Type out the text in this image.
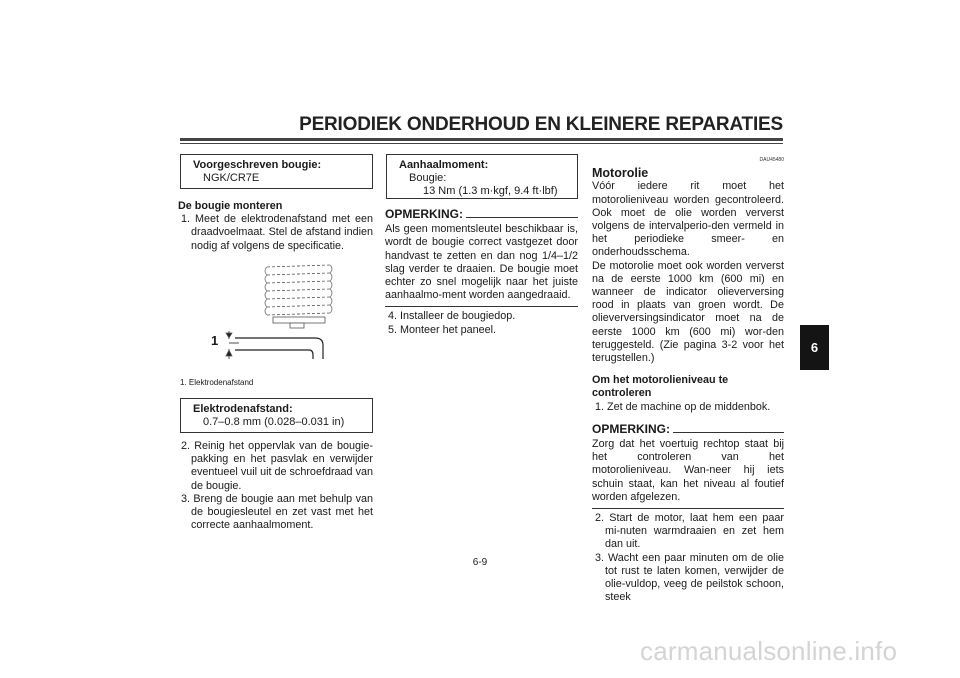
PERIODIEK ONDERHOUD EN KLEINERE REPARATIES
Voorgeschreven bougie:
NGK/CR7E
De bougie monteren
1. Meet de elektrodenafstand met een draadvoelmaat. Stel de afstand indien nodig af volgens de specificatie.
1
1. Elektrodenafstand
Elektrodenafstand:
0.7–0.8 mm (0.028–0.031 in)
2. Reinig het oppervlak van de bougie-pakking en het pasvlak en verwijder eventueel vuil uit de schroefdraad van de bougie.
3. Breng de bougie aan met behulp van de bougiesleutel en zet vast met het correcte aanhaalmoment.
Aanhaalmoment:
Bougie:
13 Nm (1.3 m·kgf, 9.4 ft·lbf)
OPMERKING:
Als geen momentsleutel beschikbaar is, wordt de bougie correct vastgezet door handvast te zetten en dan nog 1/4–1/2 slag verder te draaien. De bougie moet echter zo snel mogelijk naar het juiste aanhaalmo-ment worden aangedraaid.
4. Installeer de bougiedop.
5. Monteer het paneel.
DAU45480
Motorolie
Vóór iedere rit moet het motorolieniveau worden gecontroleerd. Ook moet de olie worden ververst volgens de intervalperio-den vermeld in het periodieke smeer- en onderhoudsschema.
De motorolie moet ook worden ververst na de eerste 1000 km (600 mi) en wanneer de indicator olieverversing rood in plaats van groen wordt. De olieverversingsindicator moet na de eerste 1000 km (600 mi) wor-den teruggesteld. (Zie pagina 3-2 voor het terugstellen.)
Om het motorolieniveau te controleren
1. Zet de machine op de middenbok.
OPMERKING:
Zorg dat het voertuig rechtop staat bij het controleren van het motorolieniveau. Wan-neer hij iets schuin staat, kan het niveau al foutief worden afgelezen.
2. Start de motor, laat hem een paar mi-nuten warmdraaien en zet hem dan uit.
3. Wacht een paar minuten om de olie tot rust te laten komen, verwijder de olie-vuldop, veeg de peilstok schoon, steek
6
6-9
carmanualsonline.info
